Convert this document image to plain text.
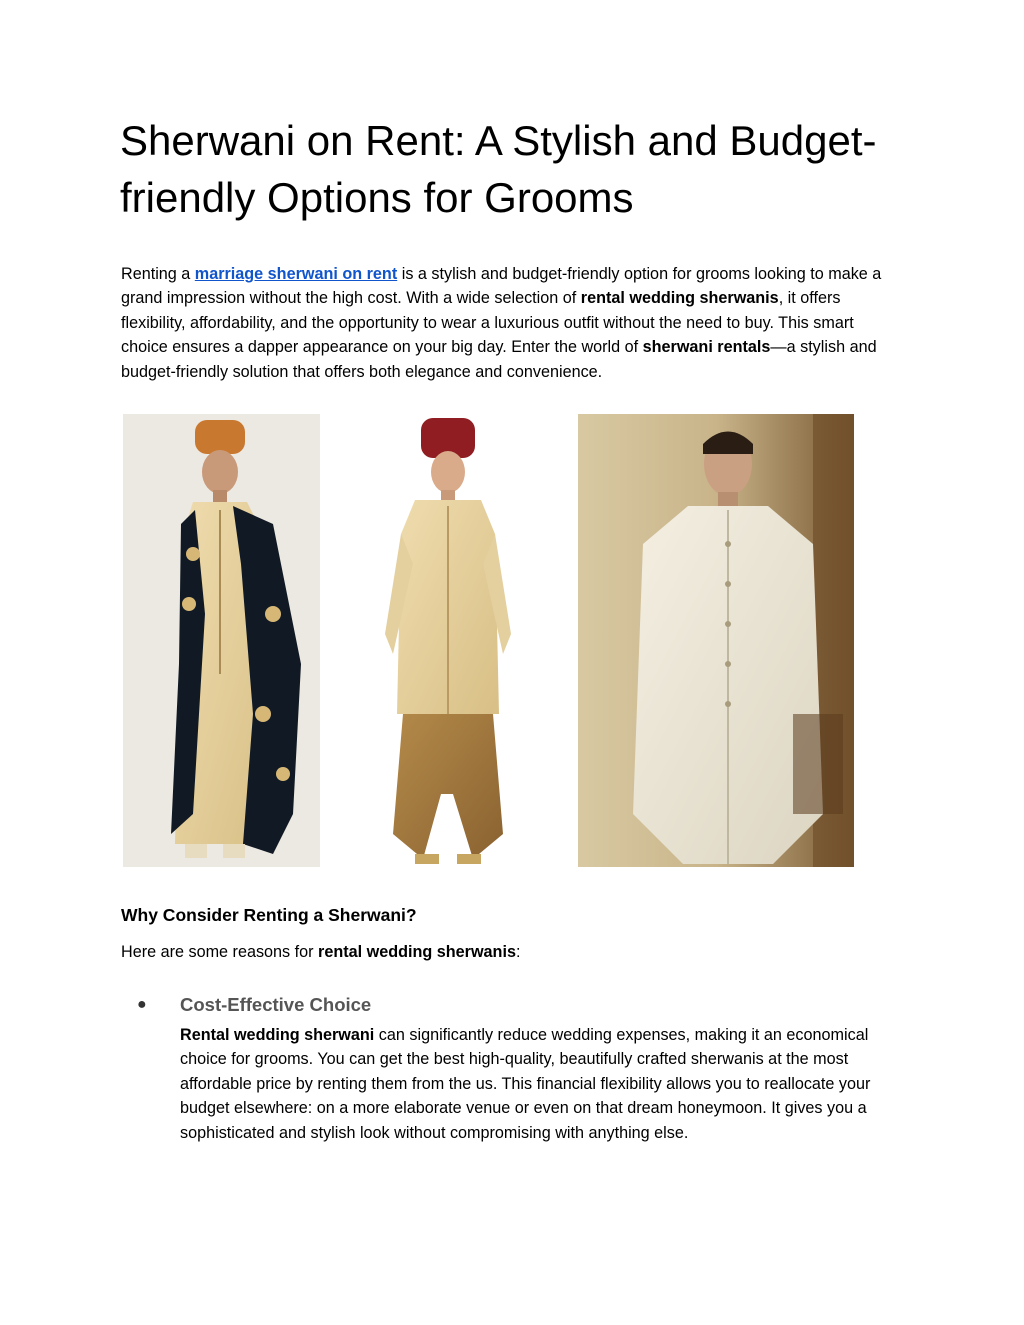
Sherwani on Rent: A Stylish and Budget-friendly Options for Grooms

Renting a marriage sherwani on rent is a stylish and budget-friendly option for grooms looking to make a grand impression without the high cost. With a wide selection of rental wedding sherwanis, it offers flexibility, affordability, and the opportunity to wear a luxurious outfit without the need to buy. This smart choice ensures a dapper appearance on your big day. Enter the world of sherwani rentals—a stylish and budget-friendly solution that offers both elegance and convenience.

Why Consider Renting a Sherwani?

Here are some reasons for rental wedding sherwanis:

● Cost-Effective Choice

Rental wedding sherwani can significantly reduce wedding expenses, making it an economical choice for grooms. You can get the best high-quality, beautifully crafted sherwanis at the most affordable price by renting them from the us. This financial flexibility allows you to reallocate your budget elsewhere: on a more elaborate venue or even on that dream honeymoon. It gives you a sophisticated and stylish look without compromising with anything else.
